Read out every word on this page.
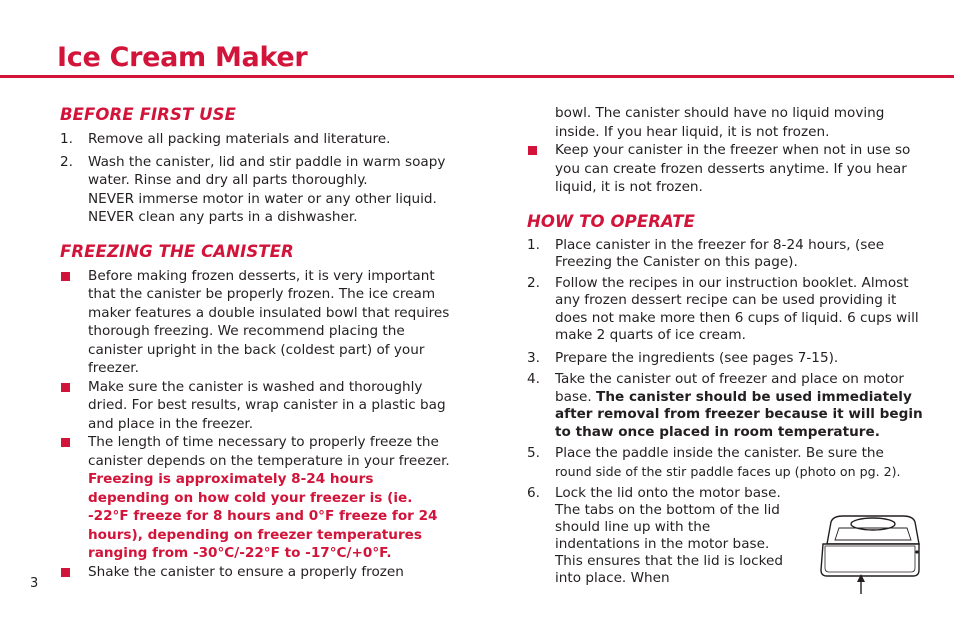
Ice Cream Maker
BEFORE FIRST USE
1. Remove all packing materials and literature.
2. Wash the canister, lid and stir paddle in warm soapy water. Rinse and dry all parts thoroughly.
NEVER immerse motor in water or any other liquid. NEVER clean any parts in a dishwasher.
FREEZING THE CANISTER
Before making frozen desserts, it is very important that the canister be properly frozen. The ice cream maker features a double insulated bowl that requires thorough freezing. We recommend placing the canister upright in the back (coldest part) of your freezer.
Make sure the canister is washed and thoroughly dried. For best results, wrap canister in a plastic bag and place in the freezer.
The length of time necessary to properly freeze the canister depends on the temperature in your freezer. Freezing is approximately 8-24 hours depending on how cold your freezer is (ie. -22°F freeze for 8 hours and 0°F freeze for 24 hours), depending on freezer temperatures ranging from -30°C/-22°F to -17°C/+0°F.
Shake the canister to ensure a properly frozen
bowl. The canister should have no liquid moving inside. If you hear liquid, it is not frozen.
Keep your canister in the freezer when not in use so you can create frozen desserts anytime. If you hear liquid, it is not frozen.
HOW TO OPERATE
1. Place canister in the freezer for 8-24 hours, (see Freezing the Canister on this page).
2. Follow the recipes in our instruction booklet. Almost any frozen dessert recipe can be used providing it does not make more then 6 cups of liquid. 6 cups will make 2 quarts of ice cream.
3. Prepare the ingredients (see pages 7-15).
4. Take the canister out of freezer and place on motor base. The canister should be used immediately after removal from freezer because it will begin to thaw once placed in room temperature.
5. Place the paddle inside the canister. Be sure the
round side of the stir paddle faces up (photo on pg. 2).
6. Lock the lid onto the motor base. The tabs on the bottom of the lid should line up with the indentations in the motor base. This ensures that the lid is locked into place. When
3
